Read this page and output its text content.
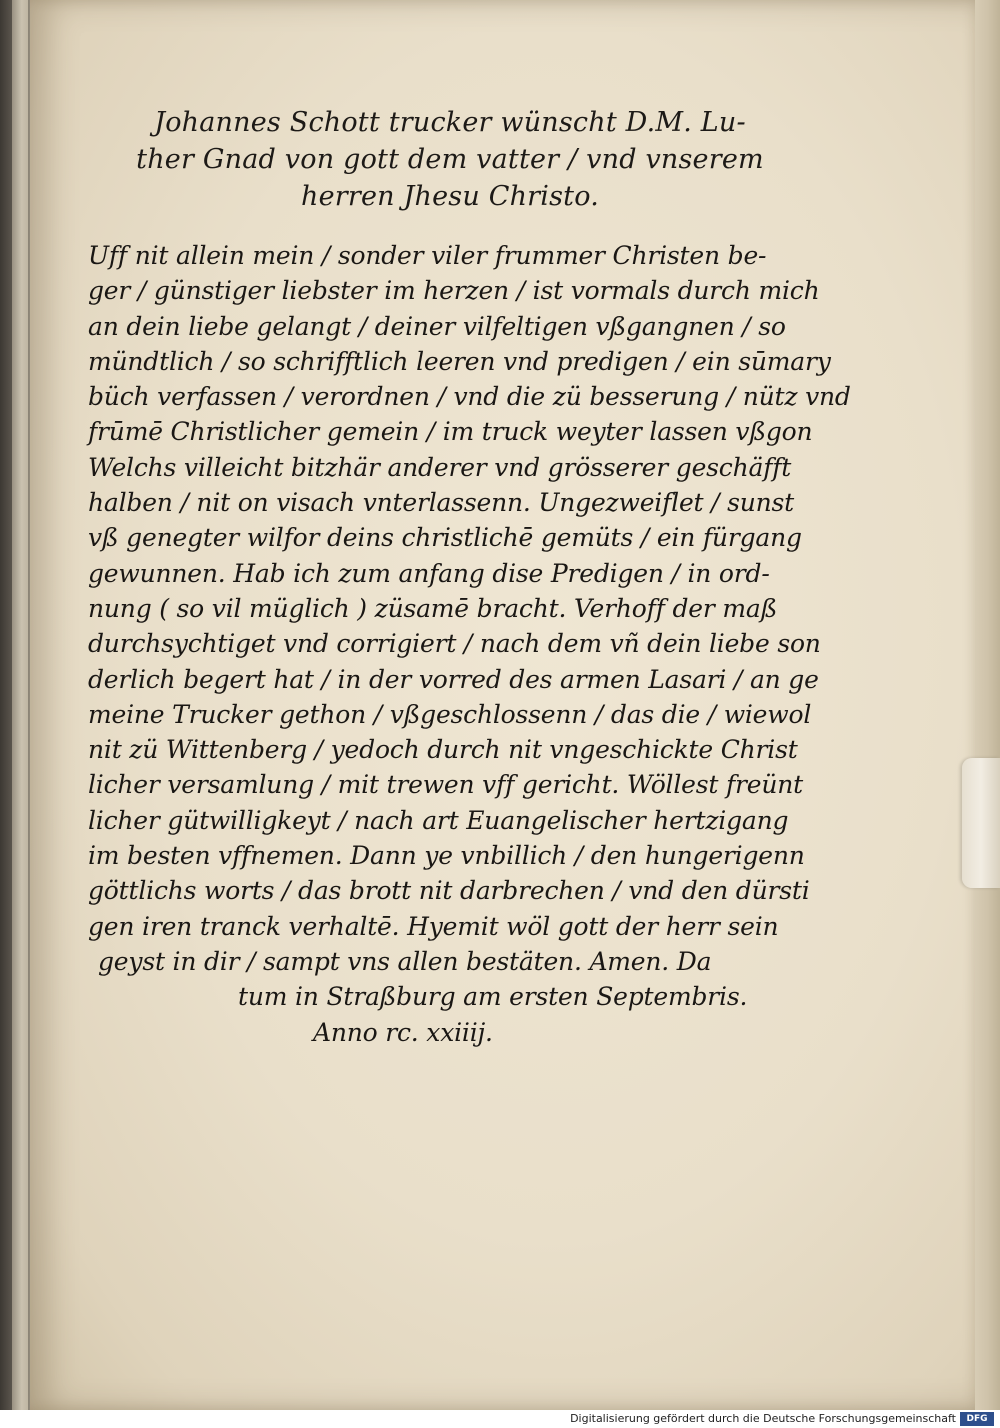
Johannes Schott trucker wünscht D.M. Lu-
ther Gnad von gott dem vatter / vnd vnserem
herren Jhesu Christo.
Uff nit allein mein / sonder viler frummer Christen be-
ger / günstiger liebster im herzen / ist vormals durch mich
an dein liebe gelangt / deiner vilfeltigen vßgangnen / so
mündtlich / so schrifftlich leeren vnd predigen / ein sūmary
büch verfassen / verordnen / vnd die zü besserung / nütz vnd
frūmē Christlicher gemein / im truck weyter lassen vßgon
Welchs villeicht bitzhär anderer vnd grösserer geschäfft
halben / nit on visach vnterlassenn. Ungezweiflet / sunst
vß genegter wilfor deins christlichē gemüts / ein fürgang
gewunnen. Hab ich zum anfang dise Predigen / in ord-
nung ( so vil müglich ) züsamē bracht. Verhoff der maß
durchsychtiget vnd corrigiert / nach dem vñ dein liebe son
derlich begert hat / in der vorred des armen Lasari / an ge
meine Trucker gethon / vßgeschlossenn / das die / wiewol
nit zü Wittenberg / yedoch durch nit vngeschickte Christ
licher versamlung / mit trewen vff gericht. Wöllest freünt
licher gütwilligkeyt / nach art Euangelischer hertzigang
im besten vffnemen. Dann ye vnbillich / den hungerigenn
göttlichs worts / das brott nit darbrechen / vnd den dürsti
gen iren tranck verhaltē. Hyemit wöl gott der herr sein
geyst in dir / sampt vns allen bestäten. Amen. Da
tum in Straßburg am ersten Septembris.
Anno rc. xxiiij.
Digitalisierung gefördert durch die Deutsche Forschungsgemeinschaft	DFG
